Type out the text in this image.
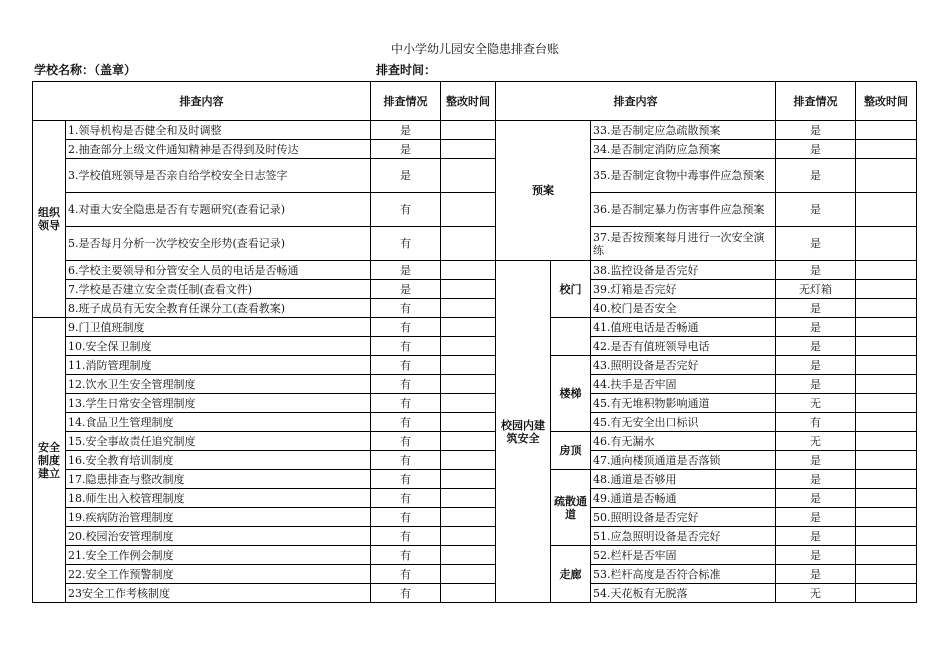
中小学幼儿园安全隐患排查台账
学校名称：（盖章）	排查时间：
排查内容		排查情况	整改时间	排查内容			排查情况	整改时间
组织领导	1.领导机构是否健全和及时调整	是		预案		33.是否制定应急疏散预案	是	
	2.抽查部分上级文件通知精神是否得到及时传达	是				34.是否制定消防应急预案	是	
	3.学校值班领导是否亲自给学校安全日志签字	是				35.是否制定食物中毒事件应急预案	是	
	4.对重大安全隐患是否有专题研究(查看记录)	有				36.是否制定暴力伤害事件应急预案	是	
	5.是否每月分析一次学校安全形势(查看记录)	有				37.是否按预案每月进行一次安全演练	是	
	6.学校主要领导和分管安全人员的电话是否畅通	是		校园内建筑安全	校门	38.监控设备是否完好	是	
	7.学校是否建立安全责任制(查看文件)	是				39.灯箱是否完好	无灯箱	
	8.班子成员有无安全教育任课分工(查看教案)	有				40.校门是否安全	是	
安全制度建立	9.门卫值班制度	有				41.值班电话是否畅通	是	
	10.安全保卫制度	有				42.是否有值班领导电话	是	
	11.消防管理制度	有			楼梯	43.照明设备是否完好	是	
	12.饮水卫生安全管理制度	有				44.扶手是否牢固	是	
	13.学生日常安全管理制度	有				45.有无堆积物影响通道	无	
	14.食品卫生管理制度	有				45.有无安全出口标识	有	
	15.安全事故责任追究制度	有			房顶	46.有无漏水	无	
	16.安全教育培训制度	有				47.通向楼顶通道是否落锁	是	
	17.隐患排查与整改制度	有			疏散通道	48.通道是否够用	是	
	18.师生出入校管理制度	有				49.通道是否畅通	是	
	19.疾病防治管理制度	有				50.照明设备是否完好	是	
	20.校园治安管理制度	有				51.应急照明设备是否完好	是	
	21.安全工作例会制度	有			走廊	52.栏杆是否牢固	是	
	22.安全工作预警制度	有				53.栏杆高度是否符合标准	是	
	23安全工作考核制度	有				54.天花板有无脱落	无	
